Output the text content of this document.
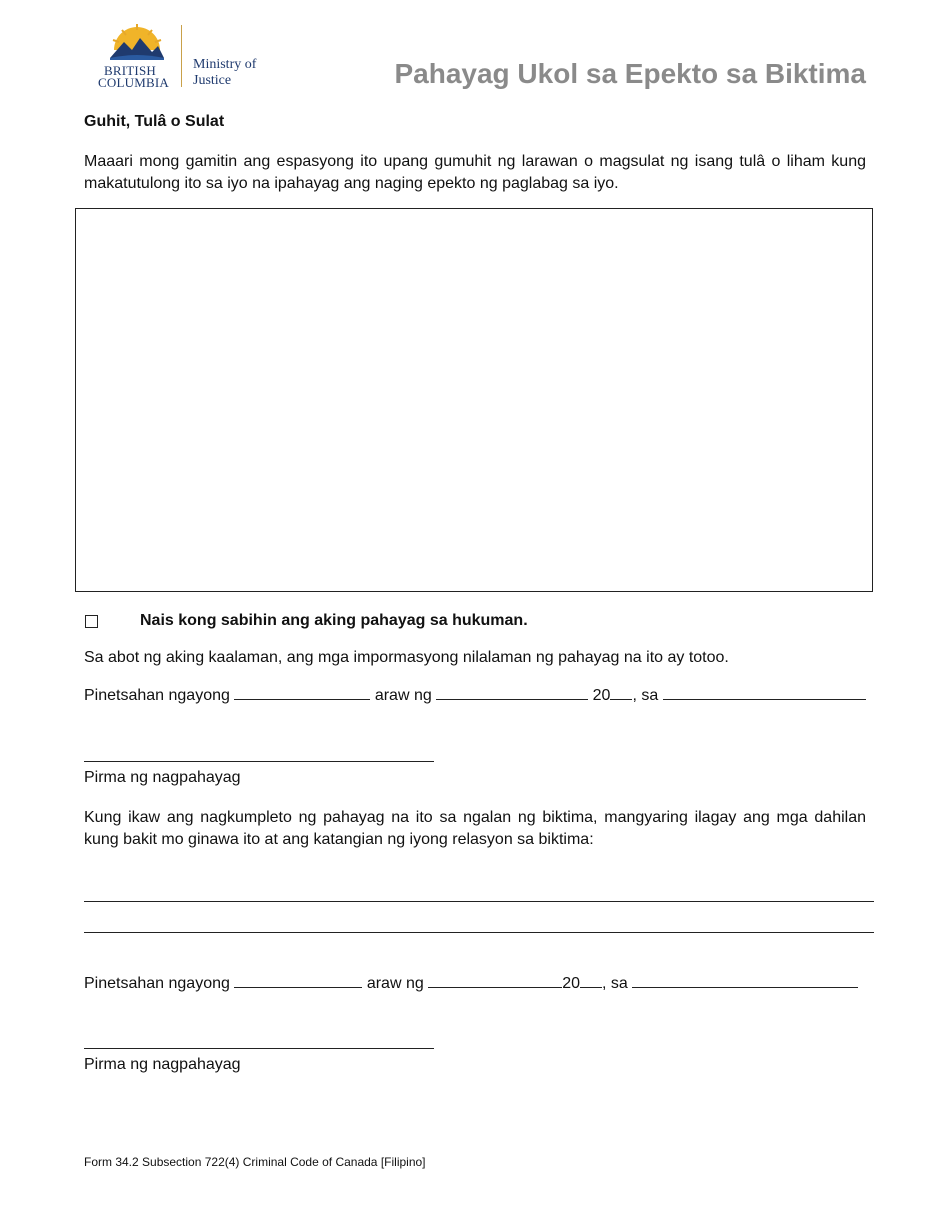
BRITISH
COLUMBIA
Ministry of
Justice	Pahayag Ukol sa Epekto sa Biktima
Guhit, Tulâ o Sulat
Maaari mong gamitin ang espasyong ito upang gumuhit ng larawan o magsulat ng isang tulâ o liham kung makatutulong ito sa iyo na ipahayag ang naging epekto ng paglabag sa iyo.
Nais kong sabihin ang aking pahayag sa hukuman.
Sa abot ng aking kaalaman, ang mga impormasyong nilalaman ng pahayag na ito ay totoo.
Pinetsahan ngayong	araw ng	20 , sa
Pirma ng nagpahayag
Kung ikaw ang nagkumpleto ng pahayag na ito sa ngalan ng biktima, mangyaring ilagay ang mga dahilan kung bakit mo ginawa ito at ang katangian ng iyong relasyon sa biktima:
Pinetsahan ngayong	araw ng	20 , sa
Pirma ng nagpahayag
Form 34.2 Subsection 722(4) Criminal Code of Canada [Filipino]
